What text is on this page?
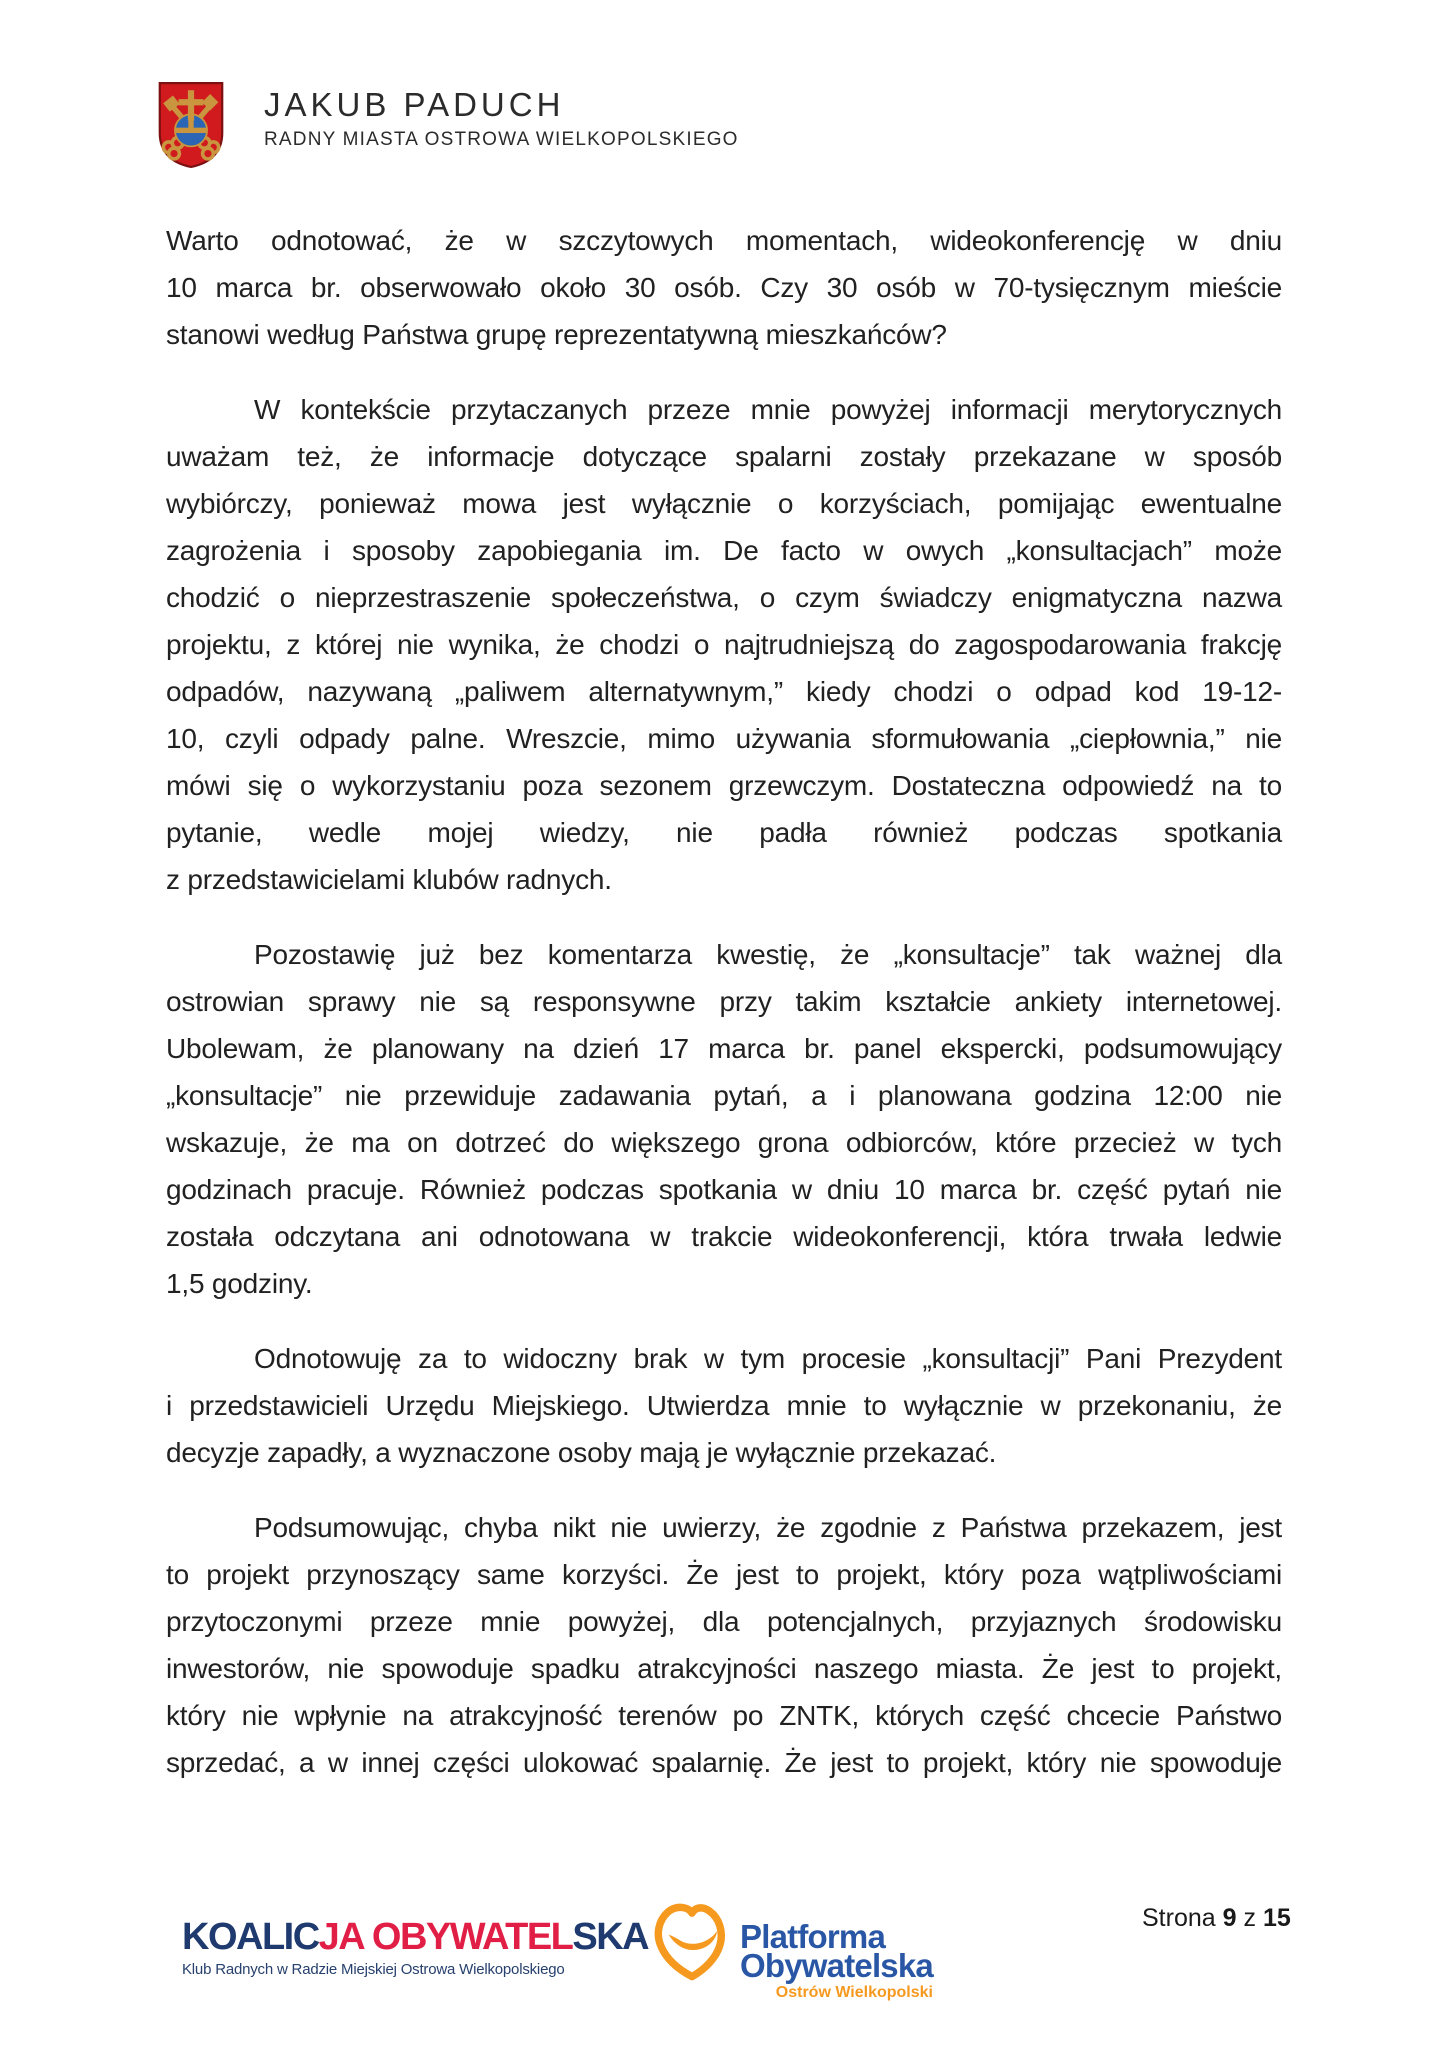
JAKUB PADUCH
RADNY MIASTA OSTROWA WIELKOPOLSKIEGO
Warto odnotować, że w szczytowych momentach, wideokonferencję w dniu
10 marca br. obserwowało około 30 osób. Czy 30 osób w 70-tysięcznym mieście
stanowi według Państwa grupę reprezentatywną mieszkańców?
W kontekście przytaczanych przeze mnie powyżej informacji merytorycznych
uważam też, że informacje dotyczące spalarni zostały przekazane w sposób
wybiórczy, ponieważ mowa jest wyłącznie o korzyściach, pomijając ewentualne
zagrożenia i sposoby zapobiegania im. De facto w owych „konsultacjach” może
chodzić o nieprzestraszenie społeczeństwa, o czym świadczy enigmatyczna nazwa
projektu, z której nie wynika, że chodzi o najtrudniejszą do zagospodarowania frakcję
odpadów, nazywaną „paliwem alternatywnym,” kiedy chodzi o odpad kod 19-12-
10, czyli odpady palne. Wreszcie, mimo używania sformułowania „ciepłownia,” nie
mówi się o wykorzystaniu poza sezonem grzewczym. Dostateczna odpowiedź na to
pytanie, wedle mojej wiedzy, nie padła również podczas spotkania
z przedstawicielami klubów radnych.
Pozostawię już bez komentarza kwestię, że „konsultacje” tak ważnej dla
ostrowian sprawy nie są responsywne przy takim kształcie ankiety internetowej.
Ubolewam, że planowany na dzień 17 marca br. panel ekspercki, podsumowujący
„konsultacje” nie przewiduje zadawania pytań, a i planowana godzina 12:00 nie
wskazuje, że ma on dotrzeć do większego grona odbiorców, które przecież w tych
godzinach pracuje. Również podczas spotkania w dniu 10 marca br. część pytań nie
została odczytana ani odnotowana w trakcie wideokonferencji, która trwała ledwie
1,5 godziny.
Odnotowuję za to widoczny brak w tym procesie „konsultacji” Pani Prezydent
i przedstawicieli Urzędu Miejskiego. Utwierdza mnie to wyłącznie w przekonaniu, że
decyzje zapadły, a wyznaczone osoby mają je wyłącznie przekazać.
Podsumowując, chyba nikt nie uwierzy, że zgodnie z Państwa przekazem, jest
to projekt przynoszący same korzyści. Że jest to projekt, który poza wątpliwościami
przytoczonymi przeze mnie powyżej, dla potencjalnych, przyjaznych środowisku
inwestorów, nie spowoduje spadku atrakcyjności naszego miasta. Że jest to projekt,
który nie wpłynie na atrakcyjność terenów po ZNTK, których część chcecie Państwo
sprzedać, a w innej części ulokować spalarnię. Że jest to projekt, który nie spowoduje
KOALICJA OBYWATELSKA
Klub Radnych w Radzie Miejskiej Ostrowa Wielkopolskiego
Platforma
Obywatelska
Ostrów Wielkopolski
Strona 9 z 15
